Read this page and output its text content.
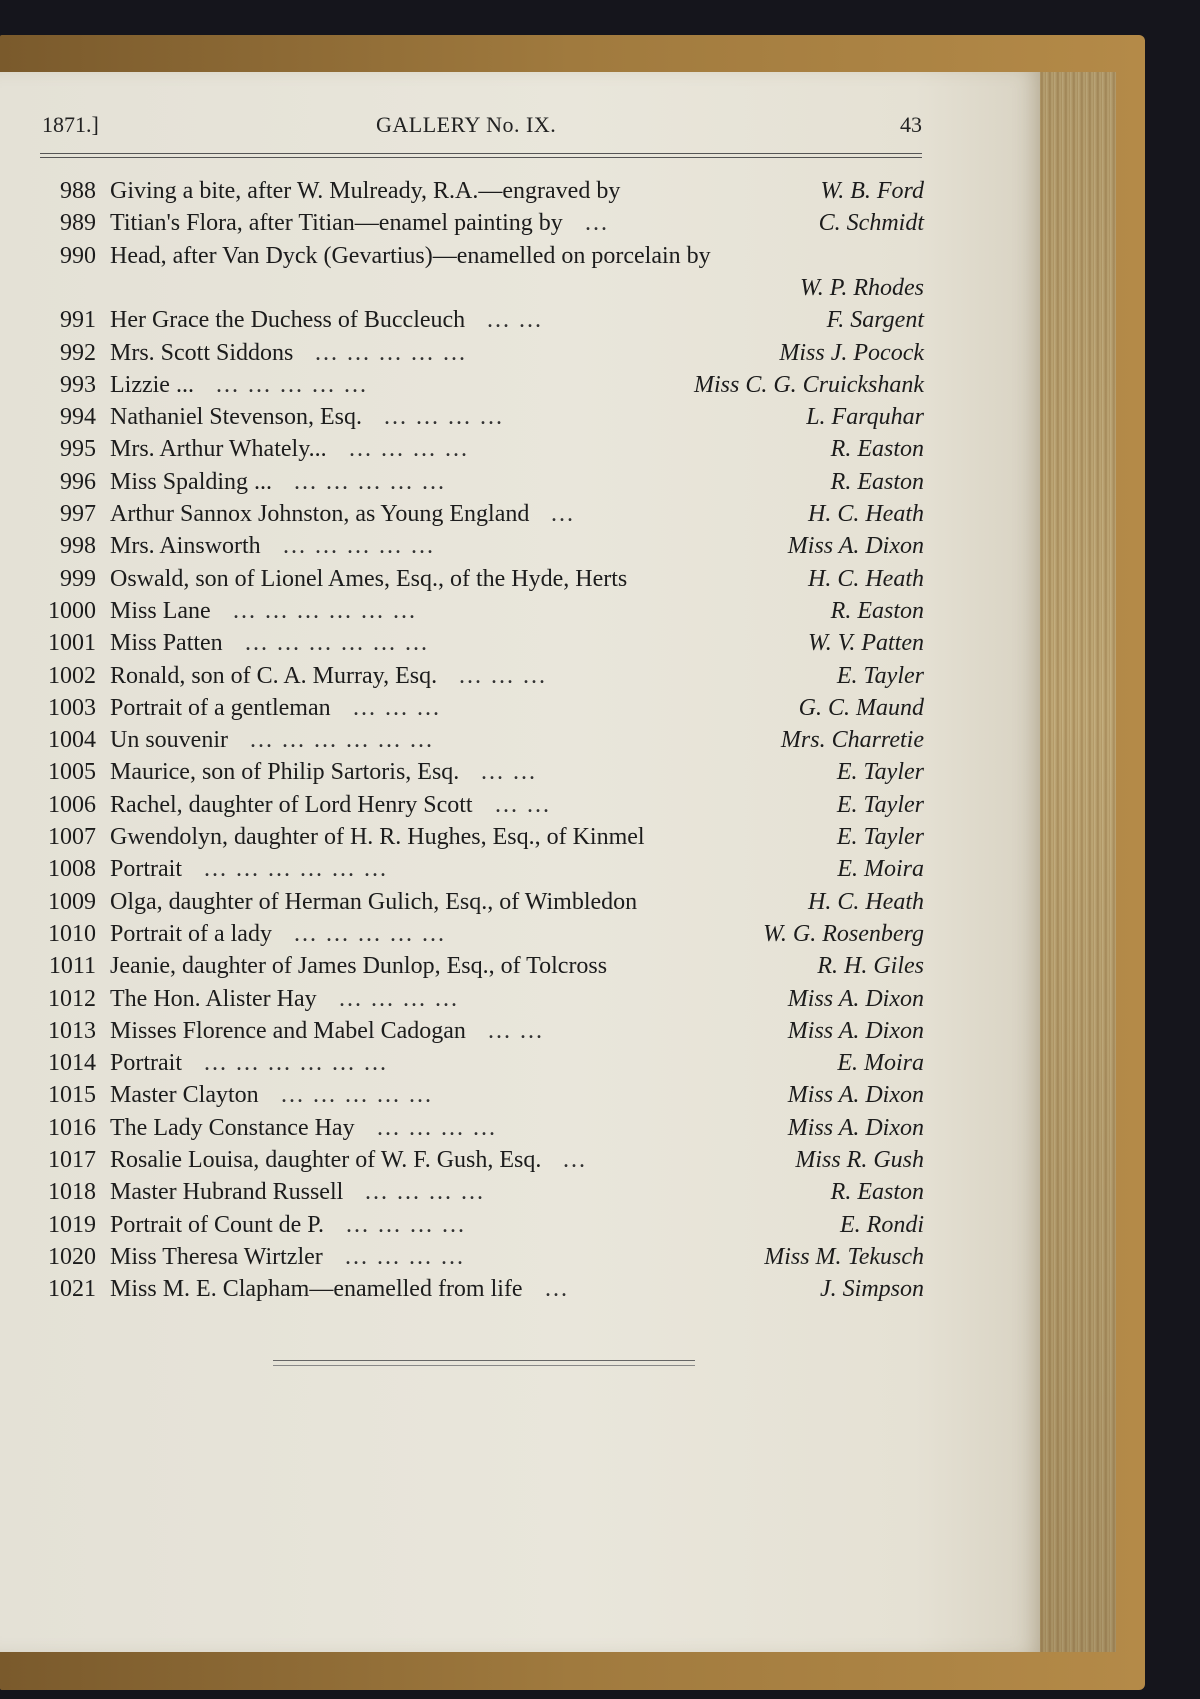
1871.]	GALLERY No. IX.	43
988 Giving a bite, after W. Mulready, R.A.—engraved by	W. B. Ford
989 Titian's Flora, after Titian—enamel painting by ...	C. Schmidt
990 Head, after Van Dyck (Gevartius)—enamelled on porcelain by
W. P. Rhodes
991 Her Grace the Duchess of Buccleuch ... ...	F. Sargent
992 Mrs. Scott Siddons ... ... ... ... ...	Miss J. Pocock
993 Lizzie ... ... ... ... ... ...	Miss C. G. Cruickshank
994 Nathaniel Stevenson, Esq. ... ... ... ...	L. Farquhar
995 Mrs. Arthur Whately... ... ... ... ...	R. Easton
996 Miss Spalding ... ... ... ... ... ...	R. Easton
997 Arthur Sannox Johnston, as Young England ...	H. C. Heath
998 Mrs. Ainsworth ... ... ... ... ...	Miss A. Dixon
999 Oswald, son of Lionel Ames, Esq., of the Hyde, Herts	H. C. Heath
1000 Miss Lane ... ... ... ... ... ...	R. Easton
1001 Miss Patten ... ... ... ... ... ...	W. V. Patten
1002 Ronald, son of C. A. Murray, Esq. ... ... ...	E. Tayler
1003 Portrait of a gentleman ... ... ...	G. C. Maund
1004 Un souvenir ... ... ... ... ... ...	Mrs. Charretie
1005 Maurice, son of Philip Sartoris, Esq. ... ...	E. Tayler
1006 Rachel, daughter of Lord Henry Scott ... ...	E. Tayler
1007 Gwendolyn, daughter of H. R. Hughes, Esq., of Kinmel	E. Tayler
1008 Portrait ... ... ... ... ... ...	E. Moira
1009 Olga, daughter of Herman Gulich, Esq., of Wimbledon	H. C. Heath
1010 Portrait of a lady ... ... ... ... ...	W. G. Rosenberg
1011 Jeanie, daughter of James Dunlop, Esq., of Tolcross	R. H. Giles
1012 The Hon. Alister Hay ... ... ... ...	Miss A. Dixon
1013 Misses Florence and Mabel Cadogan ... ...	Miss A. Dixon
1014 Portrait ... ... ... ... ... ...	E. Moira
1015 Master Clayton ... ... ... ... ...	Miss A. Dixon
1016 The Lady Constance Hay ... ... ... ...	Miss A. Dixon
1017 Rosalie Louisa, daughter of W. F. Gush, Esq. ...	Miss R. Gush
1018 Master Hubrand Russell ... ... ... ...	R. Easton
1019 Portrait of Count de P. ... ... ... ...	E. Rondi
1020 Miss Theresa Wirtzler ... ... ... ...	Miss M. Tekusch
1021 Miss M. E. Clapham—enamelled from life ...	J. Simpson
